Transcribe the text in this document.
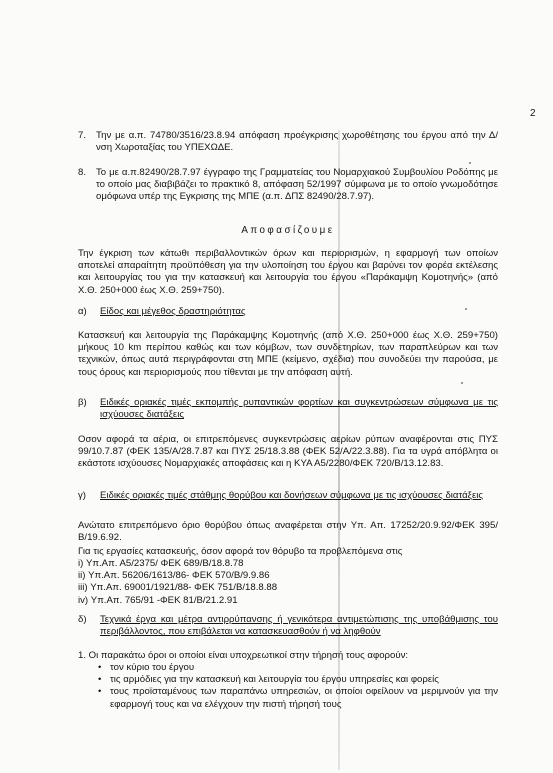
2
7.	Την με α.π. 74780/3516/23.8.94 απόφαση προέγκρισης χωροθέτησης του έργου από την Δ/νση Χωροταξίας του ΥΠΕΧΩΔΕ.
8.	Το με α.π.82490/28.7.97 έγγραφο της Γραμματείας του Νομαρχιακού Συμβουλίου Ροδόπης με το οποίο μας διαβιβάζει το πρακτικό 8, απόφαση 52/1997 σύμφωνα με το οποίο γνωμοδότησε ομόφωνα υπέρ της Εγκρισης της ΜΠΕ (α.π. ΔΠΣ 82490/28.7.97).
Αποφασίζουμε
Την έγκριση των κάτωθι περιβαλλοντικών όρων και περιορισμών, η εφαρμογή των οποίων αποτελεί απαραίτητη προϋπόθεση για την υλοποίηση του έργου και βαρύνει τον φορέα εκτέλεσης και λειτουργίας του για την κατασκευή και λειτουργία του έργου «Παράκαμψη Κομοτηνής» (από Χ.Θ. 250+000 έως Χ.Θ. 259+750).
α)	Είδος και μέγεθος δραστηριότητας
Κατασκευή και λειτουργία της Παράκαμψης Κομοτηνής (από Χ.Θ. 250+000 έως Χ.Θ. 259+750) μήκους 10 km περίπου καθώς και των κόμβων, των συνδετηρίων, των παραπλεύρων και των τεχνικών, όπως αυτά περιγράφονται στη ΜΠΕ (κείμενο, σχέδια) που συνοδεύει την παρούσα, με τους όρους και περιορισμούς που τίθενται με την απόφαση αυτή.
β)	Ειδικές οριακές τιμές εκπομπής ρυπαντικών φορτίων και συγκεντρώσεων σύμφωνα με τις ισχύουσες διατάξεις
Οσον αφορά τα αέρια, οι επιτρεπόμενες συγκεντρώσεις αερίων ρύπων αναφέρονται στις ΠΥΣ 99/10.7.87 (ΦΕΚ 135/Α/28.7.87 και ΠΥΣ 25/18.3.88 (ΦΕΚ 52/Α/22.3.88). Για τα υγρά απόβλητα οι εκάστοτε ισχύουσες Νομαρχιακές αποφάσεις και η ΚΥΑ Α5/2280/ΦΕΚ 720/Β/13.12.83.
γ)	Ειδικές οριακές τιμές στάθμης θορύβου και δονήσεων σύμφωνα με τις ισχύουσες διατάξεις
Ανώτατο επιτρεπόμενο όριο θορύβου όπως αναφέρεται στην Υπ. Απ. 17252/20.9.92/ΦΕΚ 395/Β/19.6.92.
Για τις εργασίες κατασκευής, όσον αφορά τον θόρυβο τα προβλεπόμενα στις
i) Υπ.Απ. Α5/2375/ ΦΕΚ 689/Β/18.8.78
ii) Υπ.Απ. 56206/1613/86- ΦΕΚ 570/Β/9.9.86
iii) Υπ.Απ. 69001/1921/88- ΦΕΚ 751/Β/18.8.88
iv) Υπ.Απ. 765/91 -ΦΕΚ 81/Β/21.2.91
δ)	Τεχνικά έργα και μέτρα αντιρρύπανσης ή γενικότερα αντιμετώπισης της υποβάθμισης του περιβάλλοντος, που επιβάλεται να κατασκευασθούν ή να ληφθούν
1. Οι παρακάτω όροι οι οποίοι είναι υποχρεωτικοί στην τήρησή τους αφορούν:
• τον κύριο του έργου
• τις αρμόδιες για την κατασκευή και λειτουργία του έργου υπηρεσίες και φορείς
• τους προϊσταμένους των παραπάνω υπηρεσιών, οι οποίοι οφείλουν να μεριμνούν για την εφαρμογή τους και να ελέγχουν την πιστή τήρησή τους
